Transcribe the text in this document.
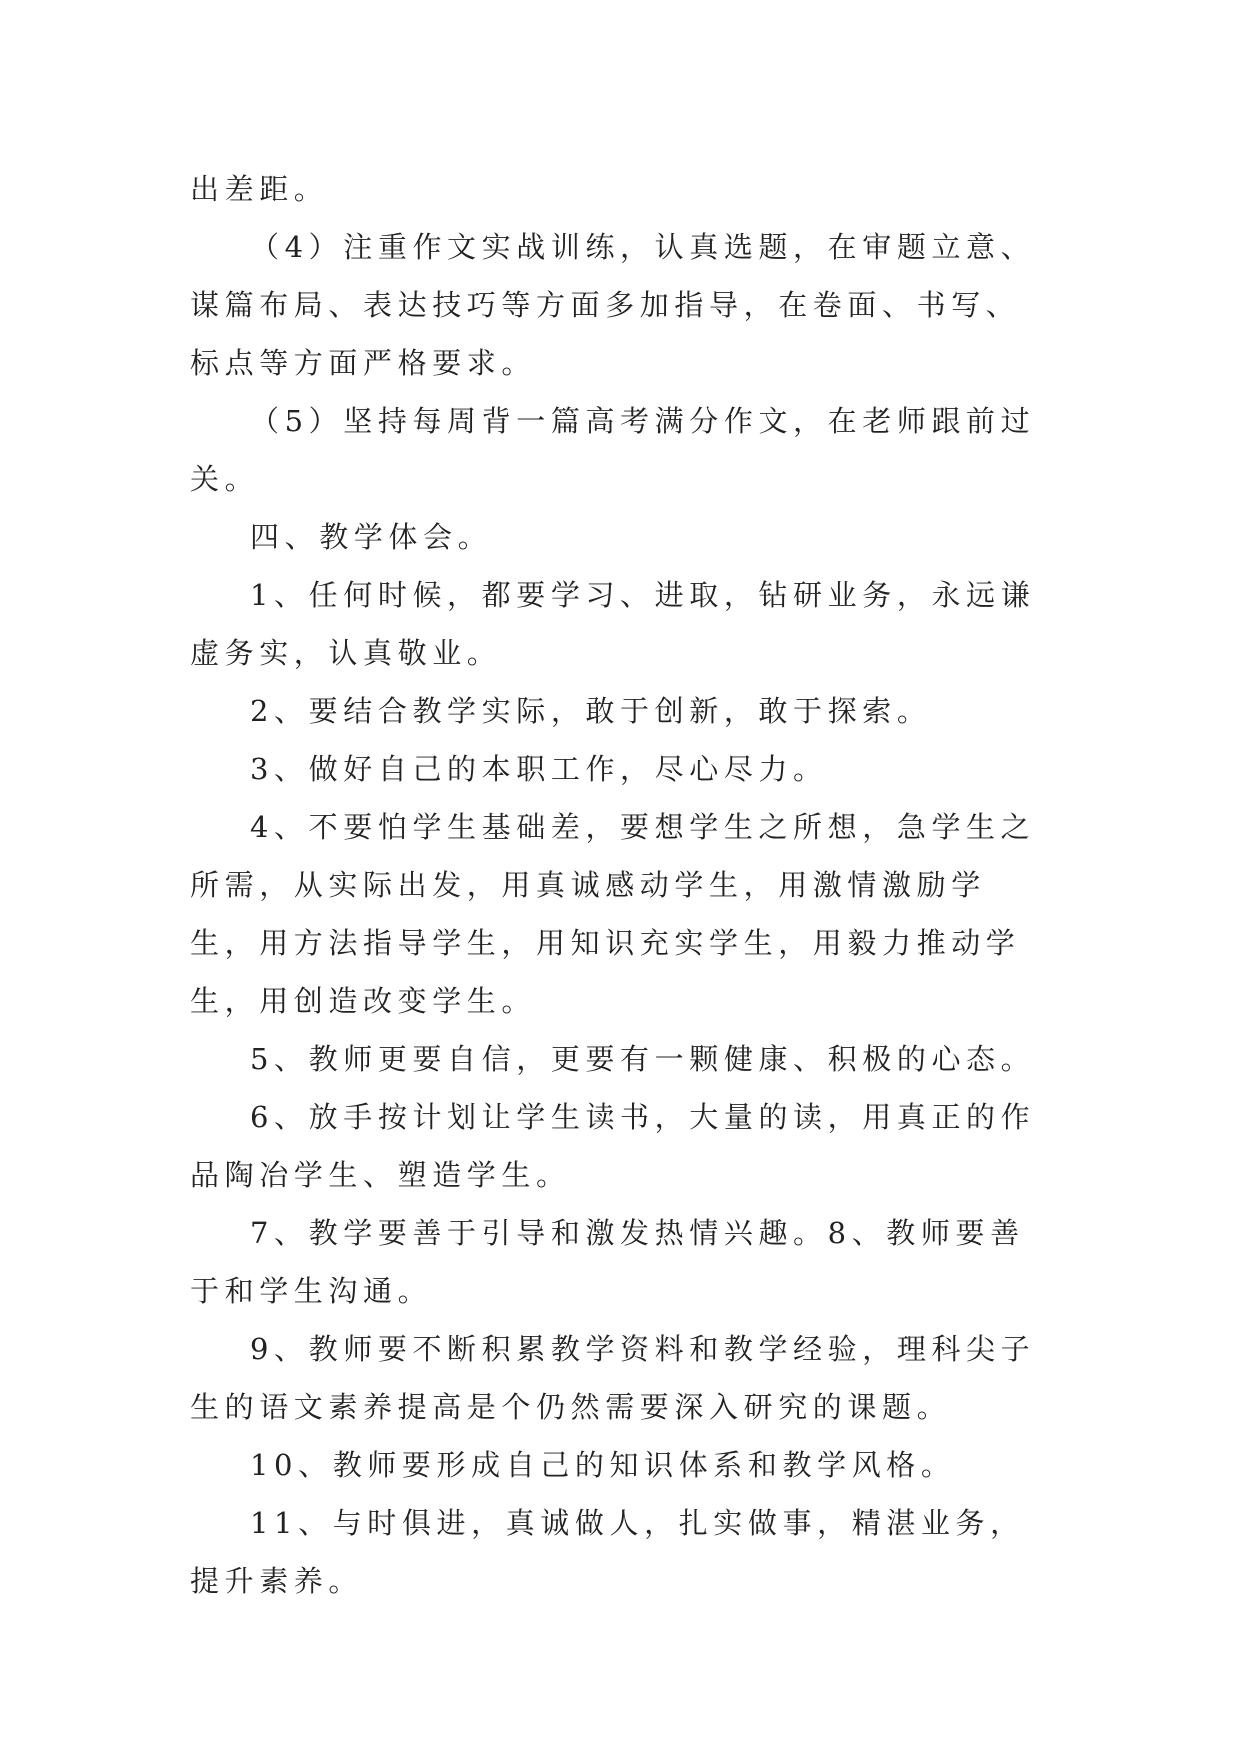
出差距。

（4）注重作文实战训练，认真选题，在审题立意、谋篇布局、表达技巧等方面多加指导，在卷面、书写、标点等方面严格要求。

（5）坚持每周背一篇高考满分作文，在老师跟前过关。

四、教学体会。

1、任何时候，都要学习、进取，钻研业务，永远谦虚务实，认真敬业。

2、要结合教学实际，敢于创新，敢于探索。

3、做好自己的本职工作，尽心尽力。

4、不要怕学生基础差，要想学生之所想，急学生之所需，从实际出发，用真诚感动学生，用激情激励学生，用方法指导学生，用知识充实学生，用毅力推动学生，用创造改变学生。

5、教师更要自信，更要有一颗健康、积极的心态。

6、放手按计划让学生读书，大量的读，用真正的作品陶冶学生、塑造学生。

7、教学要善于引导和激发热情兴趣。8、教师要善于和学生沟通。

9、教师要不断积累教学资料和教学经验，理科尖子生的语文素养提高是个仍然需要深入研究的课题。

10、教师要形成自己的知识体系和教学风格。

11、与时俱进，真诚做人，扎实做事，精湛业务，提升素养。
